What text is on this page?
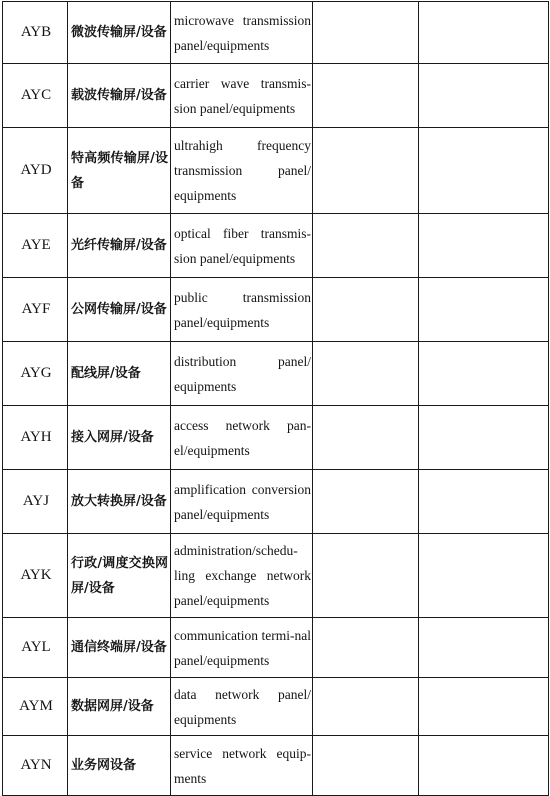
AYB	微波传输屏/设备	microwave transmission panel/equipments		
AYC	载波传输屏/设备	carrier wave transmis-sion panel/equipments		
AYD	特高频传输屏/设备	ultrahigh frequency transmission panel/ equipments		
AYE	光纤传输屏/设备	optical fiber transmis-sion panel/equipments		
AYF	公网传输屏/设备	public transmission panel/equipments		
AYG	配线屏/设备	distribution panel/ equipments		
AYH	接入网屏/设备	access network pan-el/equipments		
AYJ	放大转换屏/设备	amplification conversion panel/equipments		
AYK	行政/调度交换网屏/设备	administration/schedu-ling exchange network panel/equipments		
AYL	通信终端屏/设备	communication termi-nal panel/equipments		
AYM	数据网屏/设备	data network panel/ equipments		
AYN	业务网设备	service network equip-ments		
